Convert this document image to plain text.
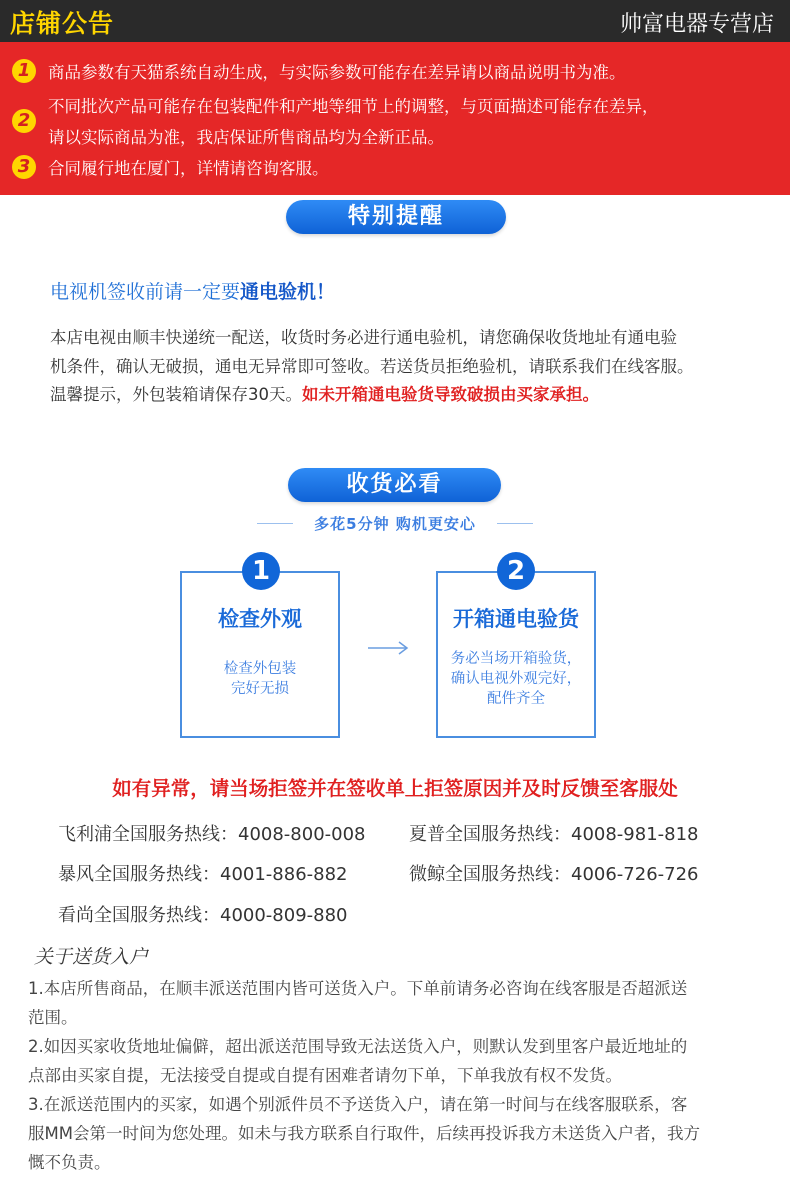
店铺公告	帅富电器专营店
1	商品参数有天猫系统自动生成，与实际参数可能存在差异请以商品说明书为准。
2
不同批次产品可能存在包装配件和产地等细节上的调整，与页面描述可能存在差异，
请以实际商品为准，我店保证所售商品均为全新正品。
3	合同履行地在厦门，详情请咨询客服。
特别提醒
电视机签收前请一定要通电验机！
本店电视由顺丰快递统一配送，收货时务必进行通电验机，请您确保收货地址有通电验
机条件，确认无破损，通电无异常即可签收。若送货员拒绝验机，请联系我们在线客服。
温馨提示，外包装箱请保存30天。如未开箱通电验货导致破损由买家承担。
收货必看
多花5分钟 购机更安心
检查外观
检查外包装
完好无损
1
开箱通电验货
务必当场开箱验货，
确认电视外观完好，
配件齐全
2
如有异常，请当场拒签并在签收单上拒签原因并及时反馈至客服处
飞利浦全国服务热线：4008-800-008 夏普全国服务热线：4008-981-818
暴风全国服务热线：4001-886-882	微鲸全国服务热线：4006-726-726
看尚全国服务热线：4000-809-880
关于送货入户
1.本店所售商品，在顺丰派送范围内皆可送货入户。下单前请务必咨询在线客服是否超派送
范围。
2.如因买家收货地址偏僻，超出派送范围导致无法送货入户，则默认发到里客户最近地址的
点部由买家自提，无法接受自提或自提有困难者请勿下单，下单我放有权不发货。
3.在派送范围内的买家，如遇个别派件员不予送货入户，请在第一时间与在线客服联系，客
服MM会第一时间为您处理。如未与我方联系自行取件，后续再投诉我方未送货入户者，我方
慨不负责。
